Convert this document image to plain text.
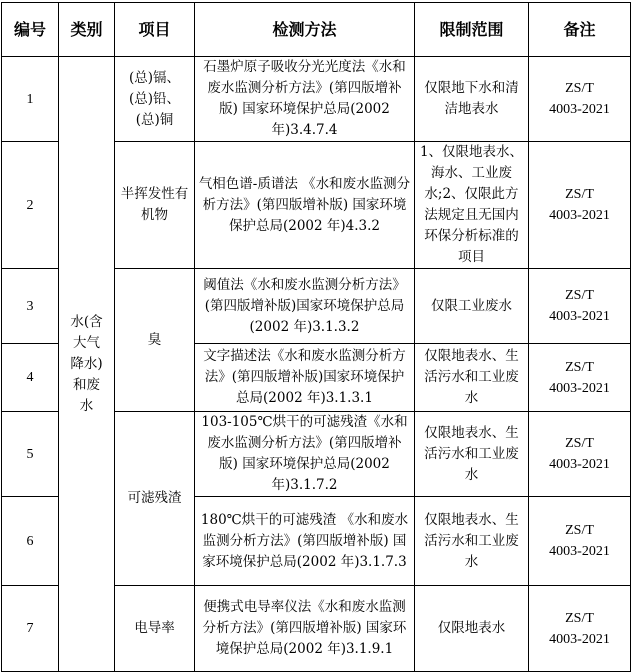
编号	类别	项目	检测方法	限制范围	备注
1	水(含大气降水)和废水	(总)镉、(总)铅、(总)铜	石墨炉原子吸收分光光度法《水和废水监测分析方法》(第四版增补版) 国家环境保护总局(2002 年)3.4.7.4	仅限地下水和清洁地表水	ZS/T
4003-2021

2		半挥发性有机物	气相色谱-质谱法 《水和废水监测分析方法》(第四版增补版) 国家环境保护总局(2002 年)4.3.2	1、仅限地表水、海水、工业废水;2、仅限此方法规定且无国内环保分析标准的项目	ZS/T
4003-2021

3		臭	阈值法《水和废水监测分析方法》(第四版增补版)国家环境保护总局(2002 年)3.1.3.2	仅限工业废水	ZS/T
4003-2021

4			文字描述法《水和废水监测分析方法》(第四版增补版)国家环境保护总局(2002 年)3.1.3.1	仅限地表水、生活污水和工业废水	ZS/T
4003-2021

5		可滤残渣	103-105℃烘干的可滤残渣《水和废水监测分析方法》(第四版增补版) 国家环境保护总局(2002 年)3.1.7.2	仅限地表水、生活污水和工业废水	ZS/T
4003-2021

6			180℃烘干的可滤残渣 《水和废水监测分析方法》(第四版增补版) 国家环境保护总局(2002 年)3.1.7.3	仅限地表水、生活污水和工业废水	ZS/T
4003-2021

7		电导率	便携式电导率仪法《水和废水监测分析方法》(第四版增补版) 国家环境保护总局(2002 年)3.1.9.1	仅限地表水	ZS/T
4003-2021
